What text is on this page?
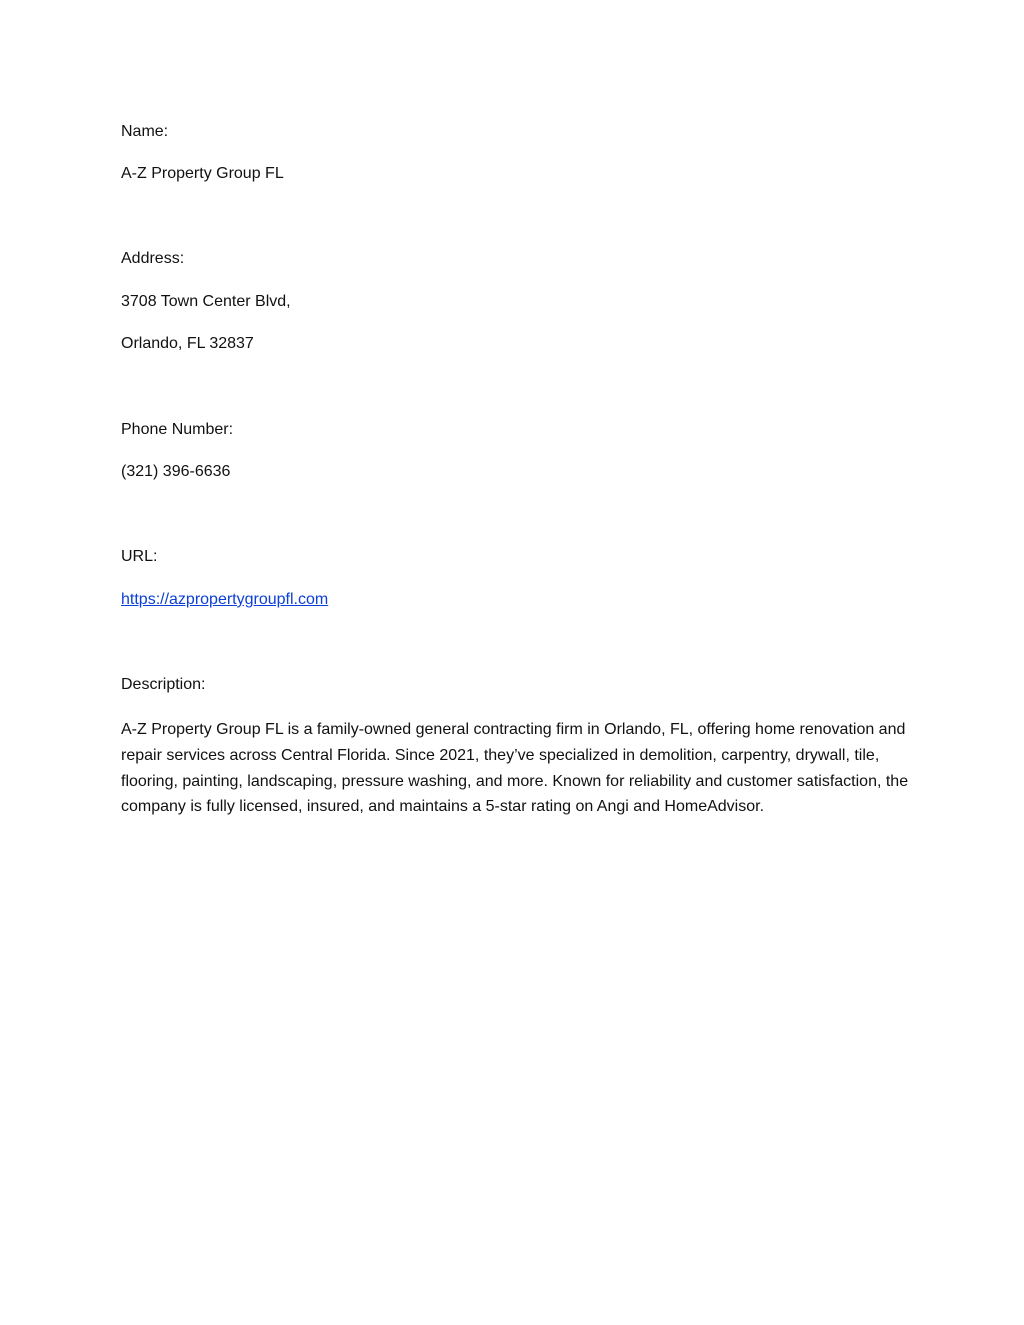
Name:
A-Z Property Group FL
Address:
3708 Town Center Blvd,
Orlando, FL 32837
Phone Number:
(321) 396-6636
URL:
https://azpropertygroupfl.com
Description:
A-Z Property Group FL is a family-owned general contracting firm in Orlando, FL, offering home renovation and repair services across Central Florida. Since 2021, they’ve specialized in demolition, carpentry, drywall, tile, flooring, painting, landscaping, pressure washing, and more. Known for reliability and customer satisfaction, the company is fully licensed, insured, and maintains a 5-star rating on Angi and HomeAdvisor.
